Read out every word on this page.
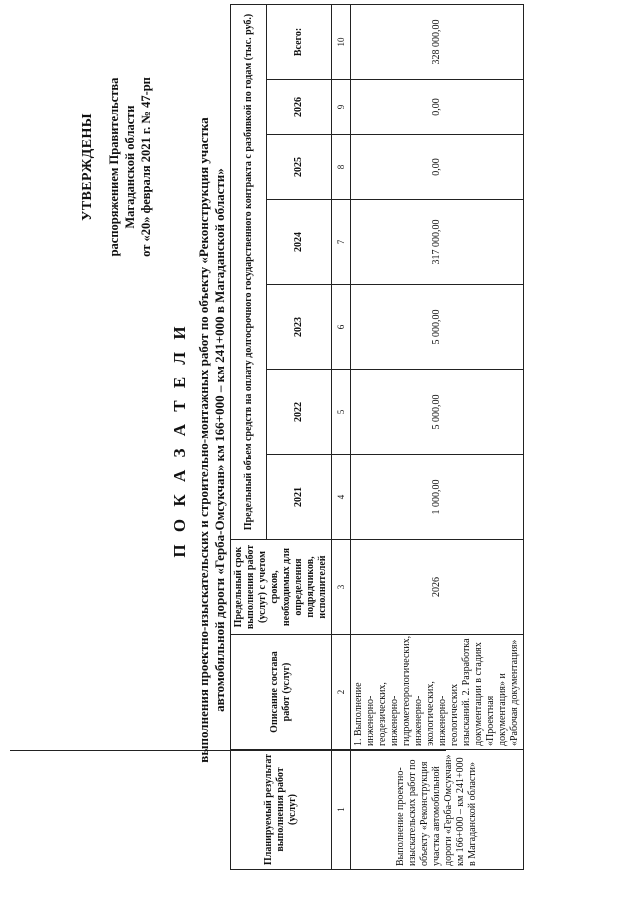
УТВЕРЖДЕНЫ распоряжением Правительства Магаданской области от «20» февраля 2021 г. № 47-рп
П О К А З А Т Е Л И выполнения проектно-изыскательских и строительно-монтажных работ по объекту «Реконструкция участка автомобильной дороги «Герба-Омсукчан» км 166+000 – км 241+000 в Магаданской области»
Планируемый результат выполнения работ (услуг)	Описание состава работ (услуг)	Предельный срок выполнения работ (услуг) с учетом сроков, необходимых для определения подрядчиков, исполнителей	Предельный объем средств на оплату долгосрочного государственного контракта с разбивкой по годам (тыс. руб.)						
			2021	2022	2023	2024	2025	2026	Всего:
1	2	3	4	5	6	7	8	9	10
Выполнение проектно-изыскательских работ по объекту «Реконструкция участка автомобильной дороги «Герба-Омсукчан» км 166+000 – км 241+000 в Магаданской области»	1. Выполнение инженерно-геодезических, инженерно-гидрометеорологических, инженерно-экологических, инженерно-геологических изысканий. 2. Разработка документации в стадиях «Проектная документация» и «Рабочая документация»	2026	1 000,00	5 000,00	5 000,00	317 000,00	0,00	0,00	328 000,00
